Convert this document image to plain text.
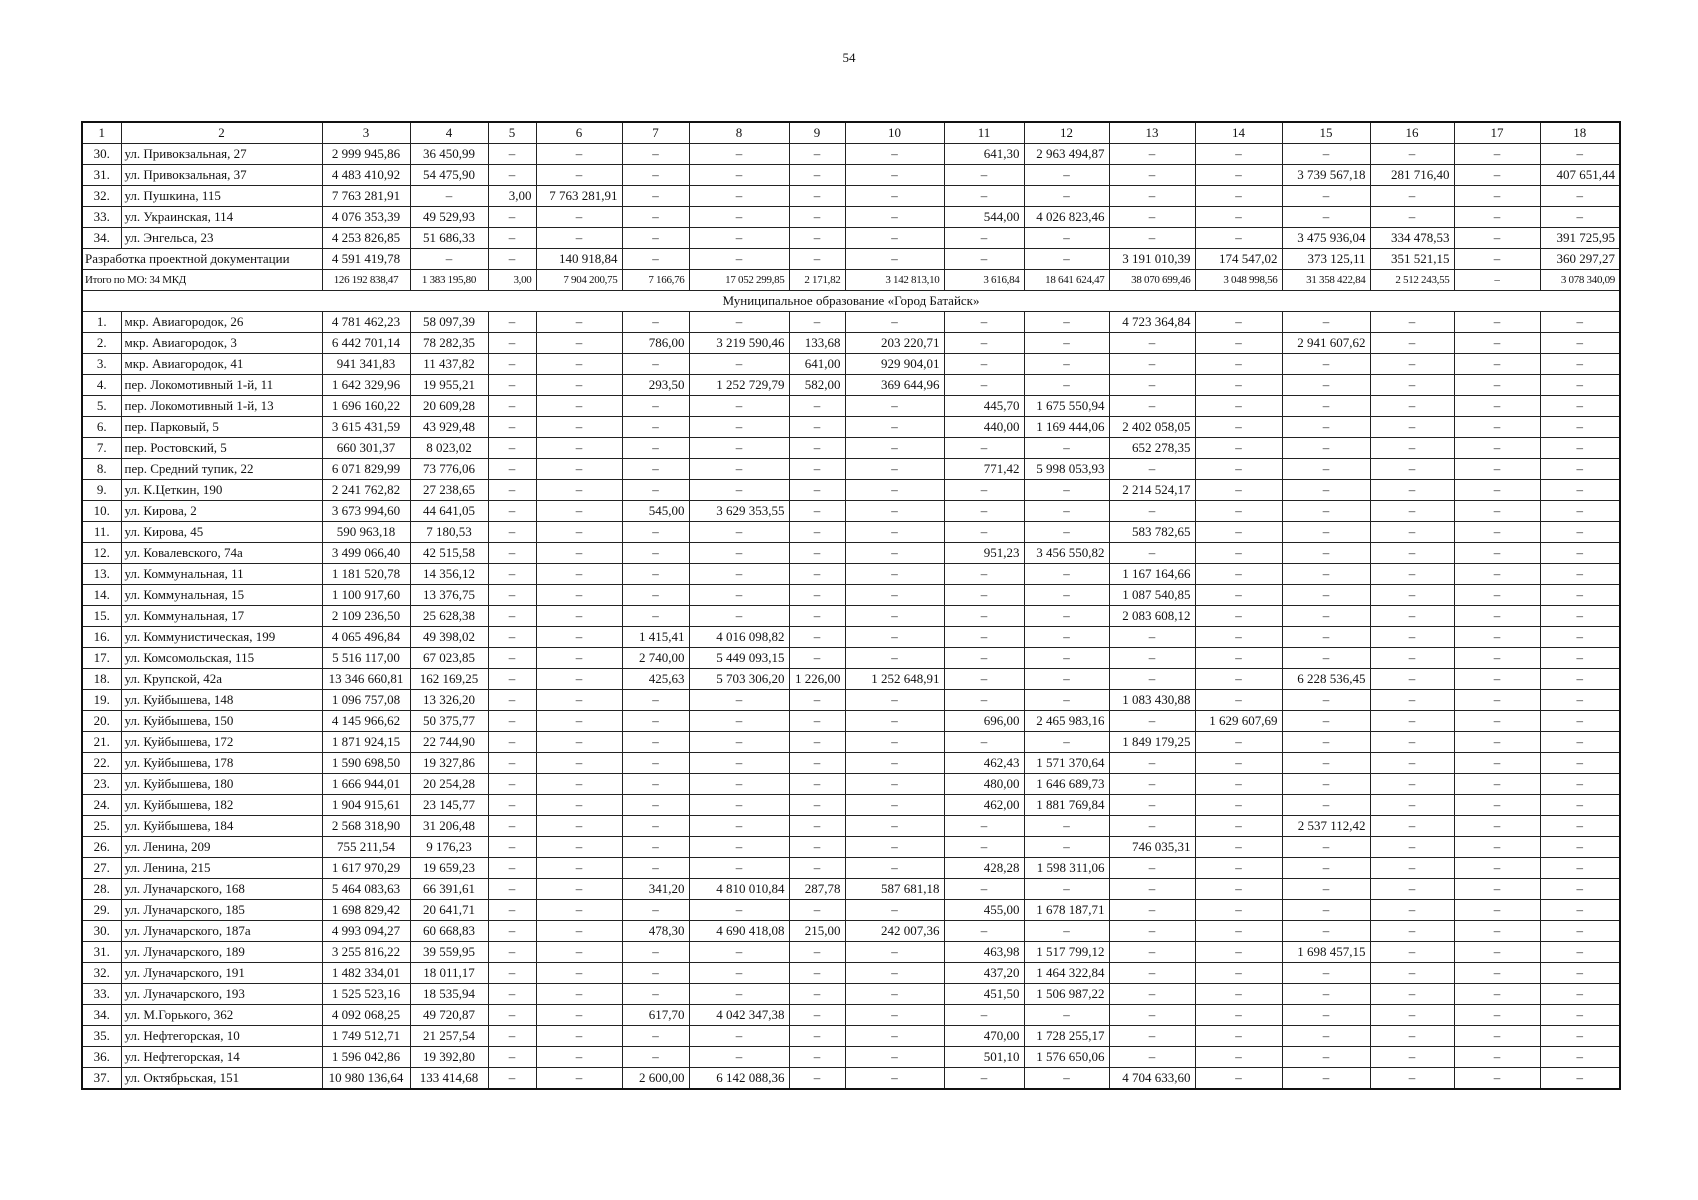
54
1	2	3	4	5	6	7	8	9	10	11	12	13	14	15	16	17	18
30.	ул. Привокзальная, 27	2 999 945,86	36 450,99	–	–	–	–	–	–	641,30	2 963 494,87	–	–	–	–	–	–
31.	ул. Привокзальная, 37	4 483 410,92	54 475,90	–	–	–	–	–	–	–	–	–	–	3 739 567,18	281 716,40	–	407 651,44
32.	ул. Пушкина, 115	7 763 281,91	–	3,00	7 763 281,91	–	–	–	–	–	–	–	–	–	–	–	–
33.	ул. Украинская, 114	4 076 353,39	49 529,93	–	–	–	–	–	–	544,00	4 026 823,46	–	–	–	–	–	–
34.	ул. Энгельса, 23	4 253 826,85	51 686,33	–	–	–	–	–	–	–	–	–	–	3 475 936,04	334 478,53	–	391 725,95
Разработка проектной документации		4 591 419,78	–	–	140 918,84	–	–	–	–	–	–	3 191 010,39	174 547,02	373 125,11	351 521,15	–	360 297,27
Итого по МО: 34 МКД		126 192 838,47	1 383 195,80	3,00	7 904 200,75	7 166,76	17 052 299,85	2 171,82	3 142 813,10	3 616,84	18 641 624,47	38 070 699,46	3 048 998,56	31 358 422,84	2 512 243,55	–	3 078 340,09
Муниципальное образование «Город Батайск»																	
1.	мкр. Авиагородок, 26	4 781 462,23	58 097,39	–	–	–	–	–	–	–	–	4 723 364,84	–	–	–	–	–
2.	мкр. Авиагородок, 3	6 442 701,14	78 282,35	–	–	786,00	3 219 590,46	133,68	203 220,71	–	–	–	–	2 941 607,62	–	–	–
3.	мкр. Авиагородок, 41	941 341,83	11 437,82	–	–	–	–	641,00	929 904,01	–	–	–	–	–	–	–	–
4.	пер. Локомотивный 1-й, 11	1 642 329,96	19 955,21	–	–	293,50	1 252 729,79	582,00	369 644,96	–	–	–	–	–	–	–	–
5.	пер. Локомотивный 1-й, 13	1 696 160,22	20 609,28	–	–	–	–	–	–	445,70	1 675 550,94	–	–	–	–	–	–
6.	пер. Парковый, 5	3 615 431,59	43 929,48	–	–	–	–	–	–	440,00	1 169 444,06	2 402 058,05	–	–	–	–	–
7.	пер. Ростовский, 5	660 301,37	8 023,02	–	–	–	–	–	–	–	–	652 278,35	–	–	–	–	–
8.	пер. Средний тупик, 22	6 071 829,99	73 776,06	–	–	–	–	–	–	771,42	5 998 053,93	–	–	–	–	–	–
9.	ул. К.Цеткин, 190	2 241 762,82	27 238,65	–	–	–	–	–	–	–	–	2 214 524,17	–	–	–	–	–
10.	ул. Кирова, 2	3 673 994,60	44 641,05	–	–	545,00	3 629 353,55	–	–	–	–	–	–	–	–	–	–
11.	ул. Кирова, 45	590 963,18	7 180,53	–	–	–	–	–	–	–	–	583 782,65	–	–	–	–	–
12.	ул. Ковалевского, 74а	3 499 066,40	42 515,58	–	–	–	–	–	–	951,23	3 456 550,82	–	–	–	–	–	–
13.	ул. Коммунальная, 11	1 181 520,78	14 356,12	–	–	–	–	–	–	–	–	1 167 164,66	–	–	–	–	–
14.	ул. Коммунальная, 15	1 100 917,60	13 376,75	–	–	–	–	–	–	–	–	1 087 540,85	–	–	–	–	–
15.	ул. Коммунальная, 17	2 109 236,50	25 628,38	–	–	–	–	–	–	–	–	2 083 608,12	–	–	–	–	–
16.	ул. Коммунистическая, 199	4 065 496,84	49 398,02	–	–	1 415,41	4 016 098,82	–	–	–	–	–	–	–	–	–	–
17.	ул. Комсомольская, 115	5 516 117,00	67 023,85	–	–	2 740,00	5 449 093,15	–	–	–	–	–	–	–	–	–	–
18.	ул. Крупской, 42а	13 346 660,81	162 169,25	–	–	425,63	5 703 306,20	1 226,00	1 252 648,91	–	–	–	–	6 228 536,45	–	–	–
19.	ул. Куйбышева, 148	1 096 757,08	13 326,20	–	–	–	–	–	–	–	–	1 083 430,88	–	–	–	–	–
20.	ул. Куйбышева, 150	4 145 966,62	50 375,77	–	–	–	–	–	–	696,00	2 465 983,16	–	1 629 607,69	–	–	–	–
21.	ул. Куйбышева, 172	1 871 924,15	22 744,90	–	–	–	–	–	–	–	–	1 849 179,25	–	–	–	–	–
22.	ул. Куйбышева, 178	1 590 698,50	19 327,86	–	–	–	–	–	–	462,43	1 571 370,64	–	–	–	–	–	–
23.	ул. Куйбышева, 180	1 666 944,01	20 254,28	–	–	–	–	–	–	480,00	1 646 689,73	–	–	–	–	–	–
24.	ул. Куйбышева, 182	1 904 915,61	23 145,77	–	–	–	–	–	–	462,00	1 881 769,84	–	–	–	–	–	–
25.	ул. Куйбышева, 184	2 568 318,90	31 206,48	–	–	–	–	–	–	–	–	–	–	2 537 112,42	–	–	–
26.	ул. Ленина, 209	755 211,54	9 176,23	–	–	–	–	–	–	–	–	746 035,31	–	–	–	–	–
27.	ул. Ленина, 215	1 617 970,29	19 659,23	–	–	–	–	–	–	428,28	1 598 311,06	–	–	–	–	–	–
28.	ул. Луначарского, 168	5 464 083,63	66 391,61	–	–	341,20	4 810 010,84	287,78	587 681,18	–	–	–	–	–	–	–	–
29.	ул. Луначарского, 185	1 698 829,42	20 641,71	–	–	–	–	–	–	455,00	1 678 187,71	–	–	–	–	–	–
30.	ул. Луначарского, 187а	4 993 094,27	60 668,83	–	–	478,30	4 690 418,08	215,00	242 007,36	–	–	–	–	–	–	–	–
31.	ул. Луначарского, 189	3 255 816,22	39 559,95	–	–	–	–	–	–	463,98	1 517 799,12	–	–	1 698 457,15	–	–	–
32.	ул. Луначарского, 191	1 482 334,01	18 011,17	–	–	–	–	–	–	437,20	1 464 322,84	–	–	–	–	–	–
33.	ул. Луначарского, 193	1 525 523,16	18 535,94	–	–	–	–	–	–	451,50	1 506 987,22	–	–	–	–	–	–
34.	ул. М.Горького, 362	4 092 068,25	49 720,87	–	–	617,70	4 042 347,38	–	–	–	–	–	–	–	–	–	–
35.	ул. Нефтегорская, 10	1 749 512,71	21 257,54	–	–	–	–	–	–	470,00	1 728 255,17	–	–	–	–	–	–
36.	ул. Нефтегорская, 14	1 596 042,86	19 392,80	–	–	–	–	–	–	501,10	1 576 650,06	–	–	–	–	–	–
37.	ул. Октябрьская, 151	10 980 136,64	133 414,68	–	–	2 600,00	6 142 088,36	–	–	–	–	4 704 633,60	–	–	–	–	–
